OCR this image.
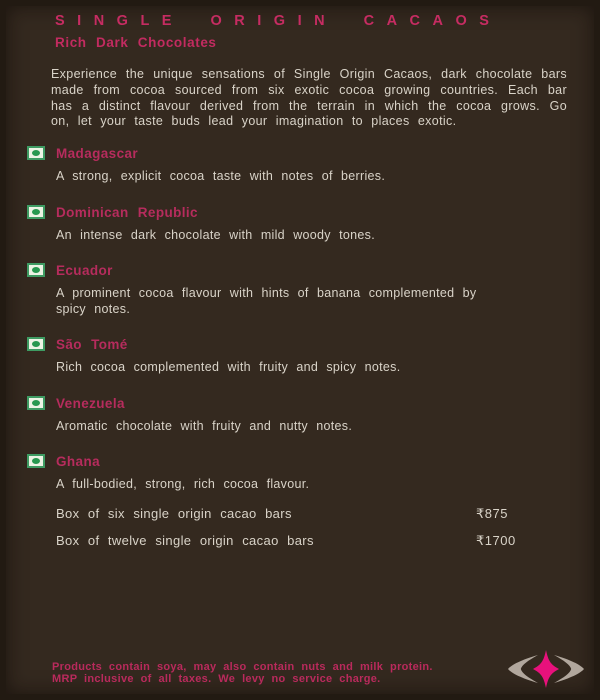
SINGLE ORIGIN CACAOS
Rich Dark Chocolates
Experience the unique sensations of Single Origin Cacaos, dark chocolate bars made from cocoa sourced from six exotic cocoa growing countries. Each bar has a distinct flavour derived from the terrain in which the cocoa grows. Go on, let your taste buds lead your imagination to places exotic.
Madagascar
A strong, explicit cocoa taste with notes of berries.
Dominican Republic
An intense dark chocolate with mild woody tones.
Ecuador
A prominent cocoa flavour with hints of banana complemented by spicy notes.
São Tomé
Rich cocoa complemented with fruity and spicy notes.
Venezuela
Aromatic chocolate with fruity and nutty notes.
Ghana
A full-bodied, strong, rich cocoa flavour.
Box of six single origin cacao bars	₹875
Box of twelve single origin cacao bars	₹1700
Products contain soya, may also contain nuts and milk protein.
MRP inclusive of all taxes. We levy no service charge.
